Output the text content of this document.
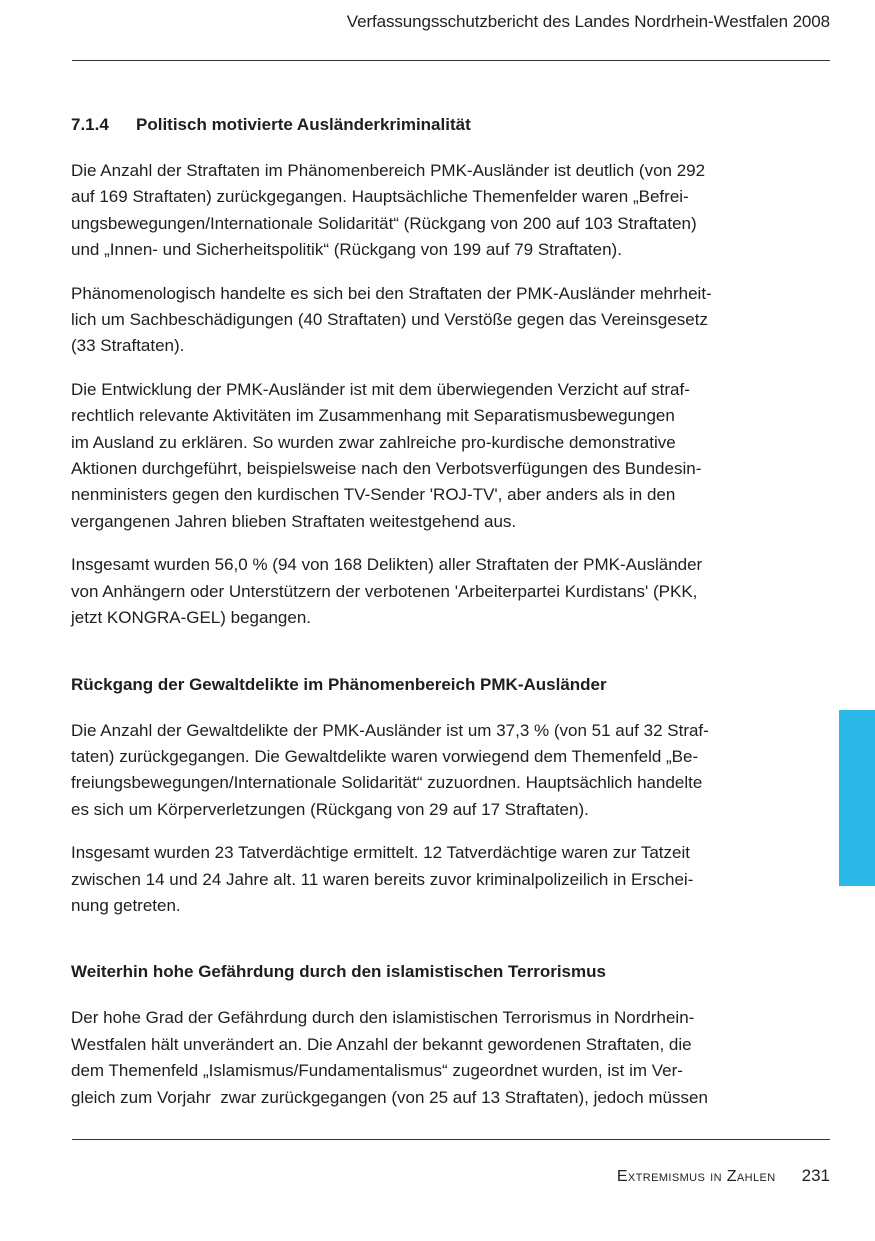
Verfassungsschutzbericht des Landes Nordrhein-Westfalen 2008
7.1.4 Politisch motivierte Ausländerkriminalität

Die Anzahl der Straftaten im Phänomenbereich PMK-Ausländer ist deutlich (von 292
auf 169 Straftaten) zurückgegangen. Hauptsächliche Themenfelder waren „Befrei-
ungsbewegungen/Internationale Solidarität“ (Rückgang von 200 auf 103 Straftaten)
und „Innen- und Sicherheitspolitik“ (Rückgang von 199 auf 79 Straftaten).

Phänomenologisch handelte es sich bei den Straftaten der PMK-Ausländer mehrheit-
lich um Sachbeschädigungen (40 Straftaten) und Verstöße gegen das Vereinsgesetz
(33 Straftaten).

Die Entwicklung der PMK-Ausländer ist mit dem überwiegenden Verzicht auf straf-
rechtlich relevante Aktivitäten im Zusammenhang mit Separatismusbewegungen
im Ausland zu erklären. So wurden zwar zahlreiche pro-kurdische demonstrative
Aktionen durchgeführt, beispielsweise nach den Verbotsverfügungen des Bundesin-
nenministers gegen den kurdischen TV-Sender 'ROJ-TV', aber anders als in den
vergangenen Jahren blieben Straftaten weitestgehend aus.

Insgesamt wurden 56,0 % (94 von 168 Delikten) aller Straftaten der PMK-Ausländer
von Anhängern oder Unterstützern der verbotenen 'Arbeiterpartei Kurdistans' (PKK,
jetzt KONGRA-GEL) begangen.

Rückgang der Gewaltdelikte im Phänomenbereich PMK-Ausländer

Die Anzahl der Gewaltdelikte der PMK-Ausländer ist um 37,3 % (von 51 auf 32 Straf-
taten) zurückgegangen. Die Gewaltdelikte waren vorwiegend dem Themenfeld „Be-
freiungsbewegungen/Internationale Solidarität“ zuzuordnen. Hauptsächlich handelte
es sich um Körperverletzungen (Rückgang von 29 auf 17 Straftaten).

Insgesamt wurden 23 Tatverdächtige ermittelt. 12 Tatverdächtige waren zur Tatzeit
zwischen 14 und 24 Jahre alt. 11 waren bereits zuvor kriminalpolizeilich in Erschei-
nung getreten.

Weiterhin hohe Gefährdung durch den islamistischen Terrorismus

Der hohe Grad der Gefährdung durch den islamistischen Terrorismus in Nordrhein-
Westfalen hält unverändert an. Die Anzahl der bekannt gewordenen Straftaten, die
dem Themenfeld „Islamismus/Fundamentalismus“ zugeordnet wurden, ist im Ver-
gleich zum Vorjahr  zwar zurückgegangen (von 25 auf 13 Straftaten), jedoch müssen

Extremismus in Zahlen 231
